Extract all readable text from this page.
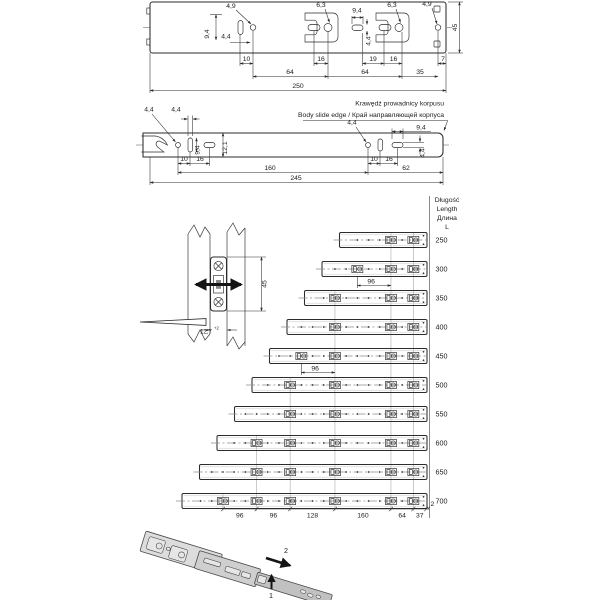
4,9	6,3
9,4
6,3	4,9
4,4
9,4 4,4
45
10	16	19 16	7
64	64	35
250
Krawędź prowadnicy korpusu
Body slide edge / Край направляющей корпуса
4,4	4,4
9,4	12,1
4,4
9,4
4,4
10 16	10 16
160	62
245
45
12,7
+2
Długość
Length
Длина
L
250
300
350
400
450
500
550
600
650
700
96
96
96	96	128	160	64 37
2
2
1
